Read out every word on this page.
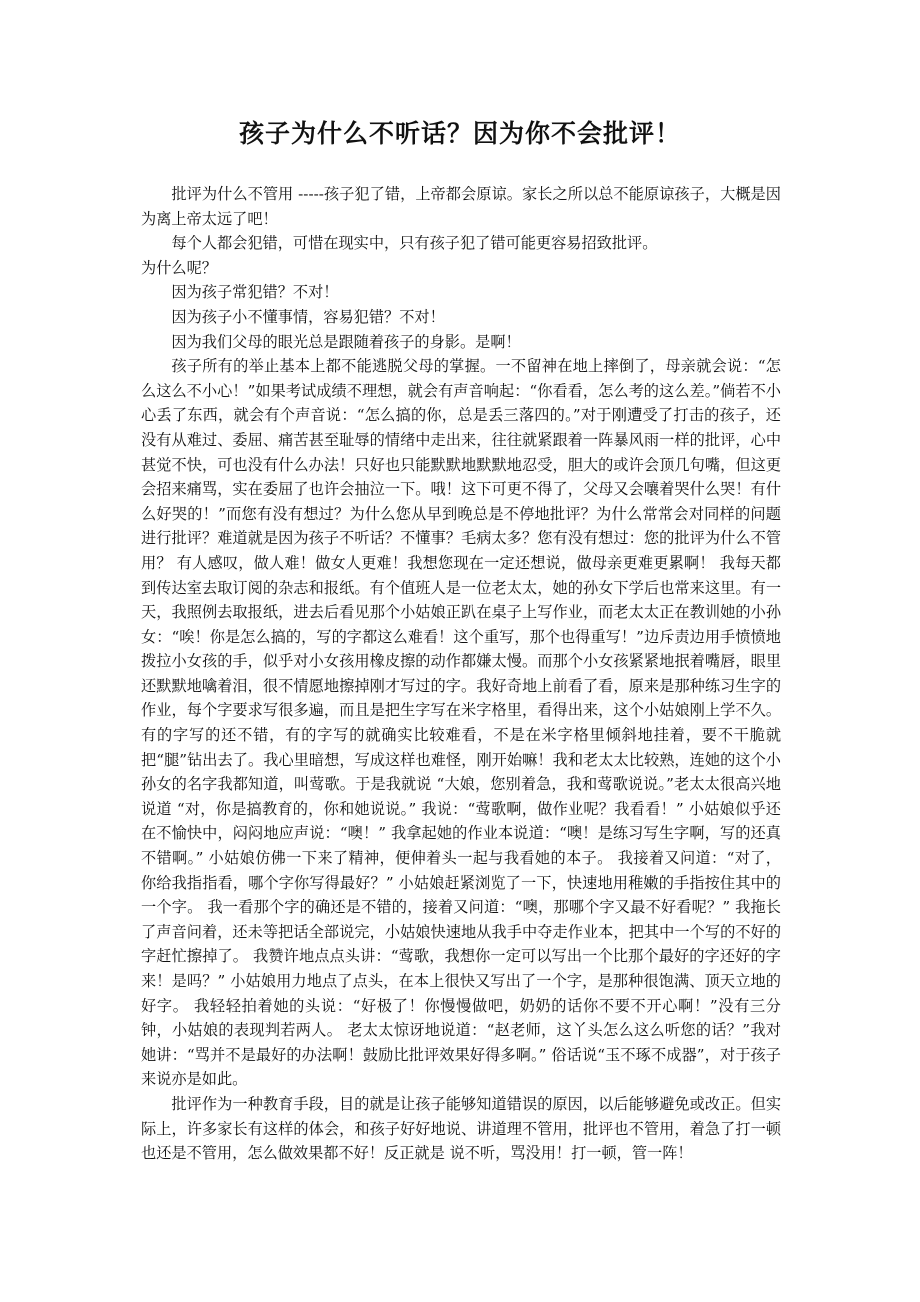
孩子为什么不听话？因为你不会批评！

批评为什么不管用 -----孩子犯了错，上帝都会原谅。家长之所以总不能原谅孩子，大概是因为离上帝太远了吧！

每个人都会犯错，可惜在现实中，只有孩子犯了错可能更容易招致批评。

为什么呢？

因为孩子常犯错？不对！

因为孩子小不懂事情，容易犯错？不对！

因为我们父母的眼光总是跟随着孩子的身影。是啊！

孩子所有的举止基本上都不能逃脱父母的掌握。一不留神在地上摔倒了，母亲就会说：“怎么这么不小心！”如果考试成绩不理想，就会有声音响起：“你看看，怎么考的这么差。”倘若不小心丢了东西，就会有个声音说：“怎么搞的你，总是丢三落四的。”对于刚遭受了打击的孩子，还没有从难过、委屈、痛苦甚至耻辱的情绪中走出来，往往就紧跟着一阵暴风雨一样的批评，心中甚觉不快，可也没有什么办法！只好也只能默默地默默地忍受，胆大的或许会顶几句嘴，但这更会招来痛骂，实在委屈了也许会抽泣一下。哦！这下可更不得了，父母又会嚷着哭什么哭！有什么好哭的！”而您有没有想过？为什么您从早到晚总是不停地批评？为什么常常会对同样的问题进行批评？难道就是因为孩子不听话？不懂事？毛病太多？您有没有想过：您的批评为什么不管用？ 有人感叹，做人难！做女人更难！我想您现在一定还想说，做母亲更难更累啊！ 我每天都到传达室去取订阅的杂志和报纸。有个值班人是一位老太太，她的孙女下学后也常来这里。有一天，我照例去取报纸，进去后看见那个小姑娘正趴在桌子上写作业，而老太太正在教训她的小孙女：“唉！你是怎么搞的，写的字都这么难看！这个重写，那个也得重写！”边斥责边用手愤愤地拨拉小女孩的手，似乎对小女孩用橡皮擦的动作都嫌太慢。而那个小女孩紧紧地抿着嘴唇，眼里还默默地噙着泪，很不情愿地擦掉刚才写过的字。我好奇地上前看了看，原来是那种练习生字的作业，每个字要求写很多遍，而且是把生字写在米字格里，看得出来，这个小姑娘刚上学不久。有的字写的还不错，有的字写的就确实比较难看，不是在米字格里倾斜地挂着，要不干脆就把“腿”钻出去了。我心里暗想，写成这样也难怪，刚开始嘛！我和老太太比较熟，连她的这个小孙女的名字我都知道，叫莺歌。于是我就说 “大娘，您别着急，我和莺歌说说。”老太太很高兴地说道 “对，你是搞教育的，你和她说说。” 我说：“莺歌啊，做作业呢？我看看！” 小姑娘似乎还在不愉快中，闷闷地应声说：“噢！” 我拿起她的作业本说道：“噢！是练习写生字啊，写的还真不错啊。” 小姑娘仿佛一下来了精神，便伸着头一起与我看她的本子。 我接着又问道：“对了，你给我指指看，哪个字你写得最好？” 小姑娘赶紧浏览了一下，快速地用稚嫩的手指按住其中的一个字。 我一看那个字的确还是不错的，接着又问道：“噢，那哪个字又最不好看呢？” 我拖长了声音问着，还未等把话全部说完，小姑娘快速地从我手中夺走作业本，把其中一个写的不好的字赶忙擦掉了。 我赞许地点点头讲：“莺歌，我想你一定可以写出一个比那个最好的字还好的字来！是吗？” 小姑娘用力地点了点头，在本上很快又写出了一个字，是那种很饱满、顶天立地的好字。 我轻轻拍着她的头说：“好极了！你慢慢做吧，奶奶的话你不要不开心啊！”没有三分钟，小姑娘的表现判若两人。 老太太惊讶地说道：“赵老师，这丫头怎么这么听您的话？”我对她讲：“骂并不是最好的办法啊！鼓励比批评效果好得多啊。” 俗话说“玉不琢不成器”，对于孩子来说亦是如此。

批评作为一种教育手段，目的就是让孩子能够知道错误的原因，以后能够避免或改正。但实际上，许多家长有这样的体会，和孩子好好地说、讲道理不管用，批评也不管用，着急了打一顿也还是不管用，怎么做效果都不好！反正就是 说不听，骂没用！打一顿，管一阵！
